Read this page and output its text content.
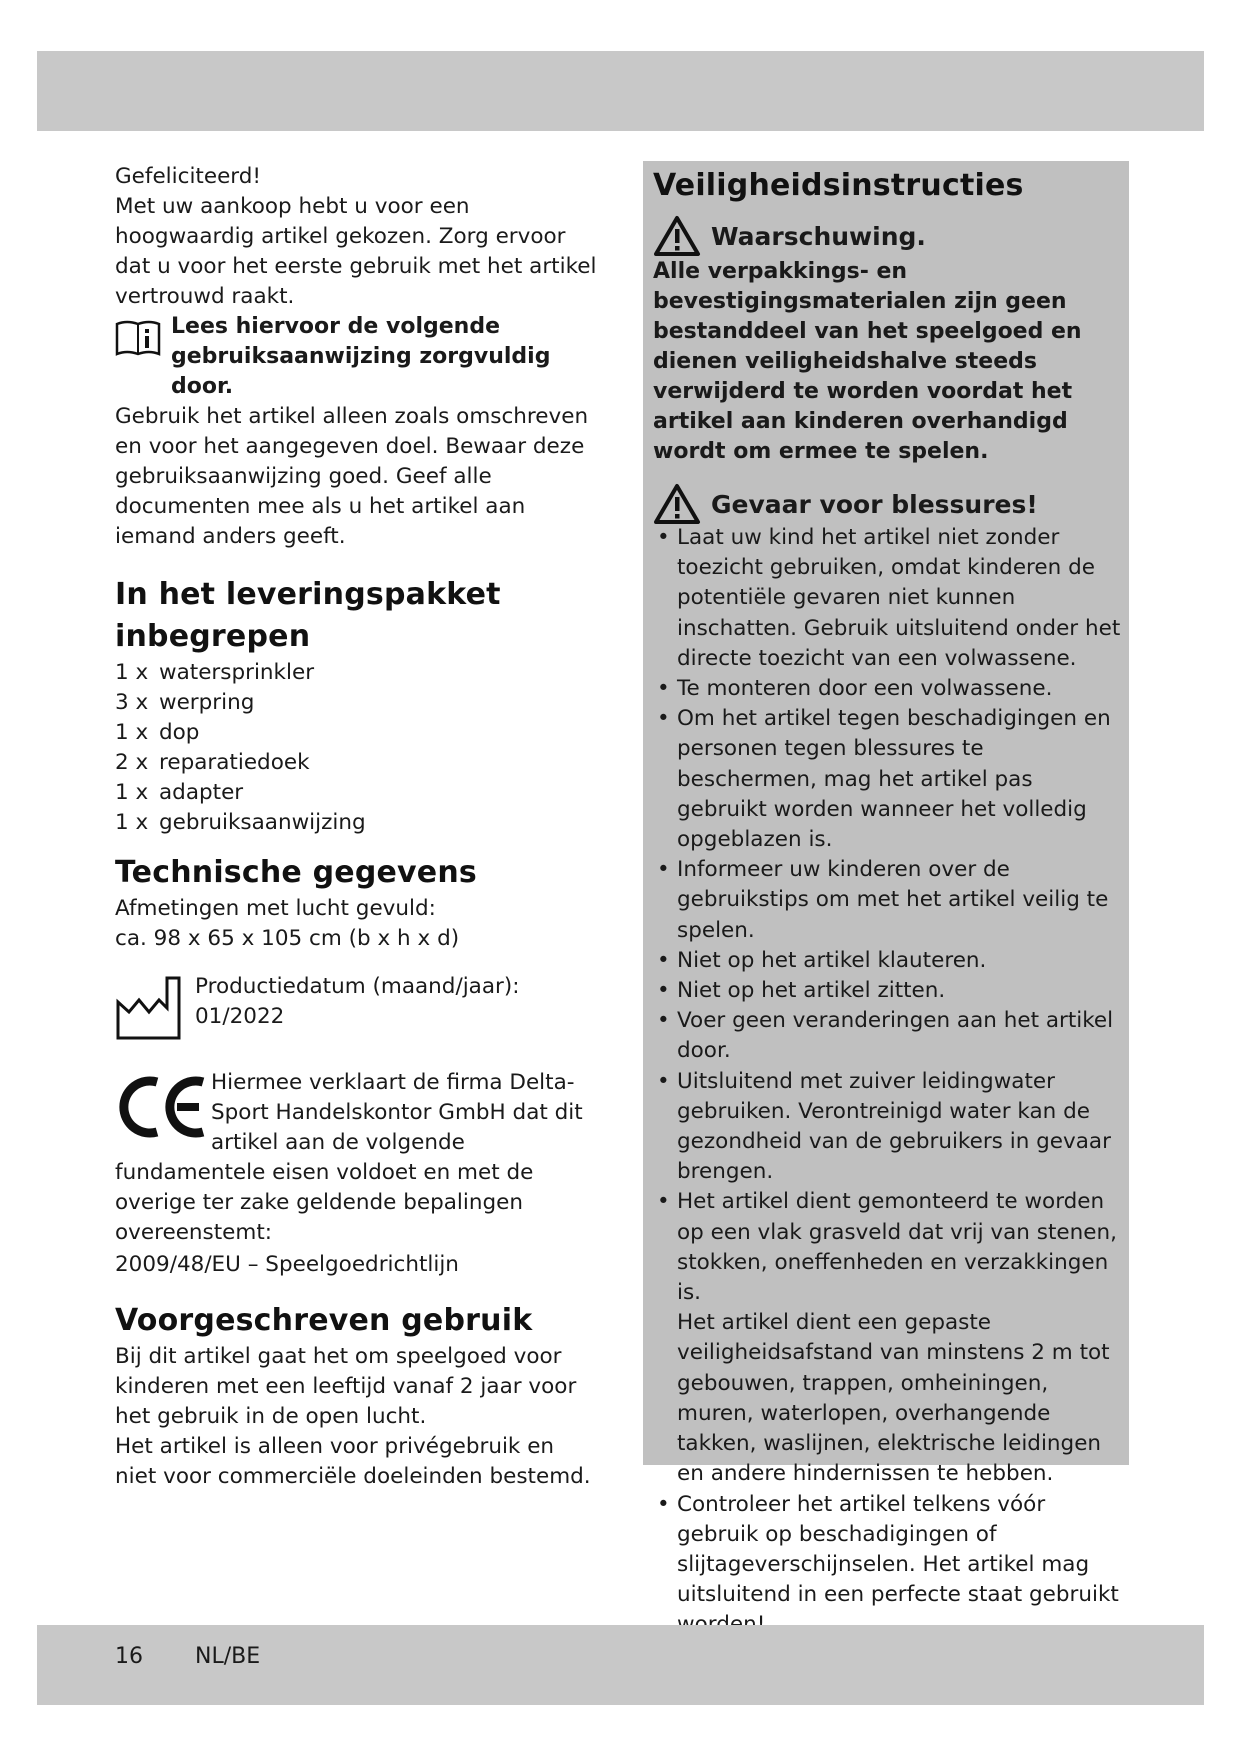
Gefeliciteerd!

Met uw aankoop hebt u voor een hoogwaardig artikel gekozen. Zorg ervoor dat u voor het eerste gebruik met het artikel vertrouwd raakt.

Lees hiervoor de volgende gebruiksaanwijzing zorgvuldig door.

Gebruik het artikel alleen zoals omschreven en voor het aangegeven doel. Bewaar deze gebruiksaanwijzing goed. Geef alle documenten mee als u het artikel aan iemand anders geeft.

In het leveringspakket inbegrepen
1 x watersprinkler
3 x werpring
1 x dop
2 x reparatiedoek
1 x adapter
1 x gebruiksaanwijzing
Technische gegevens

Afmetingen met lucht gevuld:

ca. 98 x 65 x 105 cm (b x h x d)

Productiedatum (maand/jaar):

01/2022

Hiermee verklaart de firma Delta-Sport Handelskontor GmbH dat dit artikel aan de volgende fundamentele eisen voldoet en met de overige ter zake geldende bepalingen overeenstemt:

2009/48/EU – Speelgoedrichtlijn

Voorgeschreven gebruik

Bij dit artikel gaat het om speelgoed voor kinderen met een leeftijd vanaf 2 jaar voor het gebruik in de open lucht.

Het artikel is alleen voor privégebruik en niet voor commerciële doeleinden bestemd.

Veiligheidsinstructies
Waarschuwing.

Alle verpakkings- en bevestigingsmaterialen zijn geen bestanddeel van het speelgoed en dienen veiligheidshalve steeds verwijderd te worden voordat het artikel aan kinderen overhandigd wordt om ermee te spelen.

Gevaar voor blessures!
• Laat uw kind het artikel niet zonder toezicht gebruiken, omdat kinderen de potentiële gevaren niet kunnen inschatten. Gebruik uitsluitend onder het directe toezicht van een volwassene.
• Te monteren door een volwassene.
• Om het artikel tegen beschadigingen en personen tegen blessures te beschermen, mag het artikel pas gebruikt worden wanneer het volledig opgeblazen is.
• Informeer uw kinderen over de gebruikstips om met het artikel veilig te spelen.
• Niet op het artikel klauteren.
• Niet op het artikel zitten.
• Voer geen veranderingen aan het artikel door.
• Uitsluitend met zuiver leidingwater gebruiken. Verontreinigd water kan de gezondheid van de gebruikers in gevaar brengen.
• Het artikel dient gemonteerd te worden op een vlak grasveld dat vrij van stenen, stokken, oneffenheden en verzakkingen is.
Het artikel dient een gepaste veiligheidsafstand van minstens 2 m tot gebouwen, trappen, omheiningen, muren, waterlopen, overhangende takken, waslijnen, elektrische leidingen en andere hindernissen te hebben.
• Controleer het artikel telkens vóór gebruik op beschadigingen of slijtageverschijnselen. Het artikel mag uitsluitend in een perfecte staat gebruikt
•
16 NL/BE
